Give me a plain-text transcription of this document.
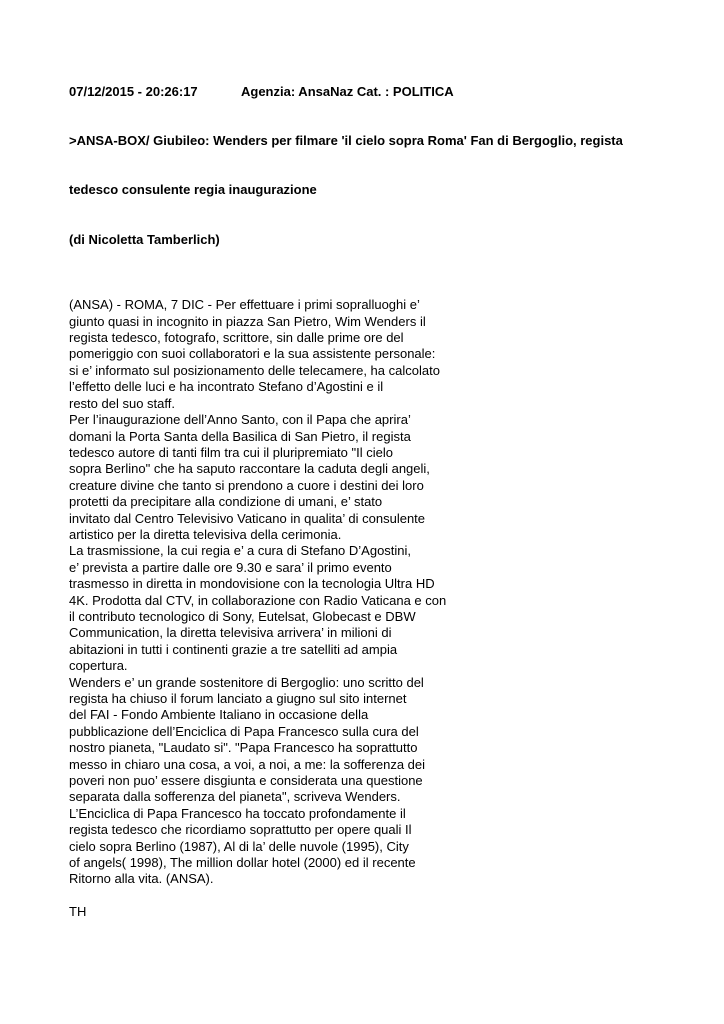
07/12/2015 - 20:26:17	Agenzia: AnsaNaz Cat. : POLITICA

>ANSA-BOX/ Giubileo: Wenders per filmare 'il cielo sopra Roma' Fan di Bergoglio, regista

tedesco consulente regia inaugurazione

(di Nicoletta Tamberlich)

(ANSA) - ROMA, 7 DIC - Per effettuare i primi sopralluoghi e’
giunto quasi in incognito in piazza San Pietro, Wim Wenders il
regista tedesco, fotografo, scrittore, sin dalle prime ore del
pomeriggio con suoi collaboratori e la sua assistente personale:
si e’ informato sul posizionamento delle telecamere, ha calcolato
l’effetto delle luci e ha incontrato Stefano d’Agostini e il
resto del suo staff.
Per l’inaugurazione dell’Anno Santo, con il Papa che aprira’
domani la Porta Santa della Basilica di San Pietro, il regista
tedesco autore di tanti film tra cui il pluripremiato "Il cielo
sopra Berlino" che ha saputo raccontare la caduta degli angeli,
creature divine che tanto si prendono a cuore i destini dei loro
protetti da precipitare alla condizione di umani, e’ stato
invitato dal Centro Televisivo Vaticano in qualita’ di consulente
artistico per la diretta televisiva della cerimonia.
La trasmissione, la cui regia e’ a cura di Stefano D’Agostini,
e’ prevista a partire dalle ore 9.30 e sara’ il primo evento
trasmesso in diretta in mondovisione con la tecnologia Ultra HD
4K. Prodotta dal CTV, in collaborazione con Radio Vaticana e con
il contributo tecnologico di Sony, Eutelsat, Globecast e DBW
Communication, la diretta televisiva arrivera’ in milioni di
abitazioni in tutti i continenti grazie a tre satelliti ad ampia
copertura.
Wenders e’ un grande sostenitore di Bergoglio: uno scritto del
regista ha chiuso il forum lanciato a giugno sul sito internet
del FAI - Fondo Ambiente Italiano in occasione della
pubblicazione dell’Enciclica di Papa Francesco sulla cura del
nostro pianeta, "Laudato si". "Papa Francesco ha soprattutto
messo in chiaro una cosa, a voi, a noi, a me: la sofferenza dei
poveri non puo’ essere disgiunta e considerata una questione
separata dalla sofferenza del pianeta", scriveva Wenders.
L’Enciclica di Papa Francesco ha toccato profondamente il
regista tedesco che ricordiamo soprattutto per opere quali Il
cielo sopra Berlino (1987), Al di la’ delle nuvole (1995), City
of angels( 1998), The million dollar hotel (2000) ed il recente
Ritorno alla vita. (ANSA).
TH
